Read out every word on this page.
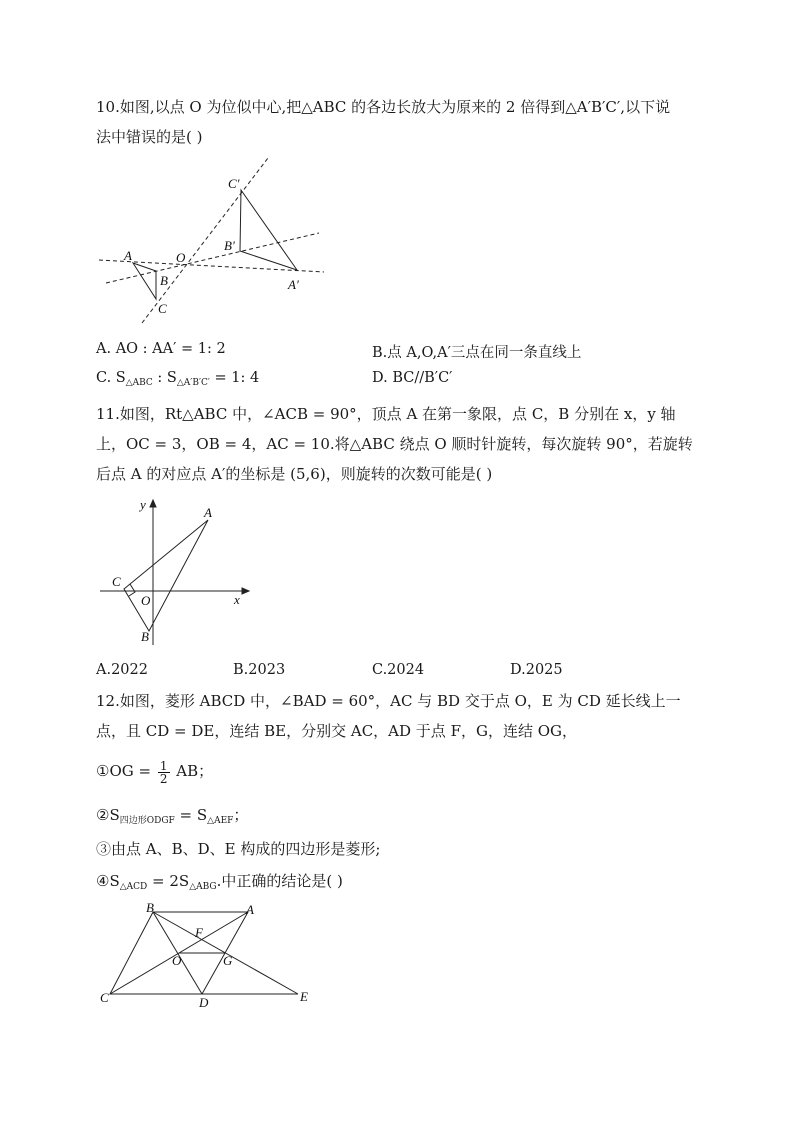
10.如图,以点 O 为位似中心,把△ABC 的各边长放大为原来的 2 倍得到△A′B′C′,以下说
法中错误的是( )
A
B
C
O
A′
B′
C′
A. AO : AA′ = 1: 2	B.点 A,O,A′三点在同一条直线上
C. $S_{\triangle ABC}$ : $S_{\triangle A'B'C'} = 1$: 4	D. BC//B′C′
11.如图，Rt△ABC 中，∠ACB = 90°，顶点 A 在第一象限，点 C，B 分别在 x，y 轴
上，OC = 3，OB = 4，AC = 10.将△ABC 绕点 O 顺时针旋转，每次旋转 90°，若旋转
后点 A 的对应点 A′的坐标是 (5,6)，则旋转的次数可能是( )
y
x
A
C
O
B
A.2022	B.2023	C.2024	D.2025
12.如图，菱形 ABCD 中，∠BAD = 60°，AC 与 BD 交于点 O，E 为 CD 延长线上一
点，且 CD = DE，连结 BE，分别交 AC，AD 于点 F，G，连结 OG，
①OG = $\frac{1}{2}$ AB；
$②S_{四边形ODGF} = S_{\triangle AEF}$；
③由点 A、B、D、E 构成的四边形是菱形;
$④S_{\triangle ACD} = 2S_{\triangle ABG}$.中正确的结论是( )
B	A
F
O	G
C	D	E
